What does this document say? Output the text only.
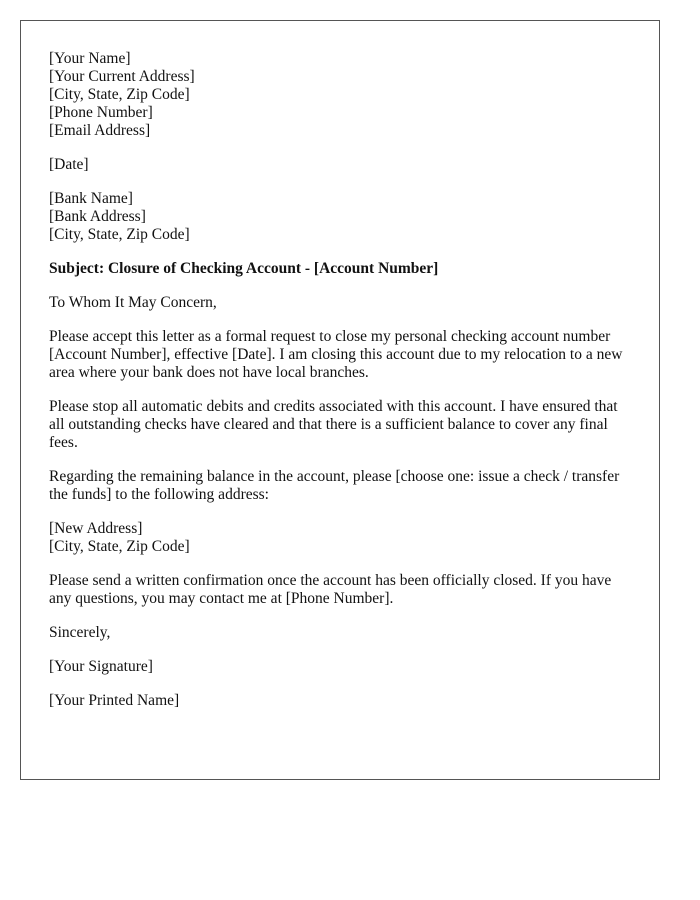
[Your Name]
[Your Current Address]
[City, State, Zip Code]
[Phone Number]
[Email Address]
[Date]
[Bank Name]
[Bank Address]
[City, State, Zip Code]
Subject: Closure of Checking Account - [Account Number]
To Whom It May Concern,
Please accept this letter as a formal request to close my personal checking account number [Account Number], effective [Date]. I am closing this account due to my relocation to a new area where your bank does not have local branches.
Please stop all automatic debits and credits associated with this account. I have ensured that all outstanding checks have cleared and that there is a sufficient balance to cover any final fees.
Regarding the remaining balance in the account, please [choose one: issue a check / transfer the funds] to the following address:
[New Address]
[City, State, Zip Code]
Please send a written confirmation once the account has been officially closed. If you have any questions, you may contact me at [Phone Number].
Sincerely,
[Your Signature]
[Your Printed Name]
